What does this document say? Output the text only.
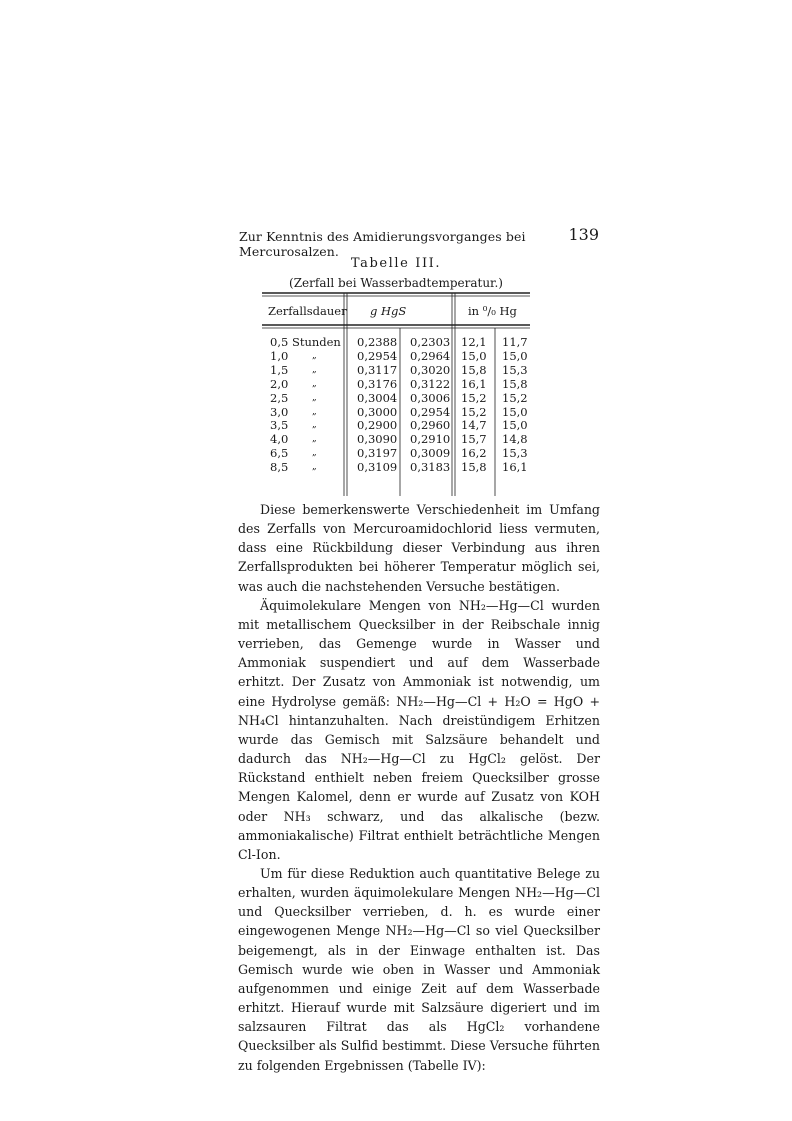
Zur Kenntnis des Amidierungsvorganges bei Mercurosalzen.
139
Tabelle III.
(Zerfall bei Wasserbadtemperatur.)
Zerfallsdauer g HgS	in ⁰/₀ Hg
0,5 Stunden 0,2388 0,2303 12,1 11,7
1,0	„	0,2954 0,2964 15,0 15,0
1,5	„	0,3117 0,3020 15,8 15,3
2,0	„	0,3176 0,3122 16,1 15,8
2,5	„	0,3004 0,3006 15,2 15,2
3,0	„	0,3000 0,2954 15,2 15,0
3,5	„	0,2900 0,2960 14,7 15,0
4,0	„	0,3090 0,2910 15,7 14,8
6,5	„	0,3197 0,3009 16,2 15,3
8,5	„	0,3109 0,3183 15,8 16,1

Diese bemerkenswerte Verschiedenheit im Umfang des Zerfalls von Mercuroamidochlorid liess vermuten, dass eine Rückbildung dieser Verbindung aus ihren Zerfallsprodukten bei höherer Temperatur möglich sei, was auch die nachstehenden Versuche bestätigen.

Äquimolekulare Mengen von NH₂—Hg—Cl wurden mit metallischem Quecksilber in der Reibschale innig verrieben, das Gemenge wurde in Wasser und Ammoniak suspendiert und auf dem Wasserbade erhitzt. Der Zusatz von Ammoniak ist notwendig, um eine Hydrolyse gemäß: NH₂—Hg—Cl + H₂O = HgO + NH₄Cl hintanzuhalten. Nach dreistündigem Erhitzen wurde das Gemisch mit Salzsäure behandelt und dadurch das NH₂—Hg—Cl zu HgCl₂ gelöst. Der Rückstand enthielt neben freiem Quecksilber grosse Mengen Kalomel, denn er wurde auf Zusatz von KOH oder NH₃ schwarz, und das alkalische (bezw. ammoniakalische) Filtrat enthielt beträchtliche Mengen Cl-Ion.

Um für diese Reduktion auch quantitative Belege zu erhalten, wurden äquimolekulare Mengen NH₂—Hg—Cl und Quecksilber verrieben, d. h. es wurde einer eingewogenen Menge NH₂—Hg—Cl so viel Quecksilber beigemengt, als in der Einwage enthalten ist. Das Gemisch wurde wie oben in Wasser und Ammoniak aufgenommen und einige Zeit auf dem Wasserbade erhitzt. Hierauf wurde mit Salzsäure digeriert und im salzsauren Filtrat das als HgCl₂ vorhandene Quecksilber als Sulfid bestimmt. Diese Versuche führten zu folgenden Ergebnissen (Tabelle IV):
